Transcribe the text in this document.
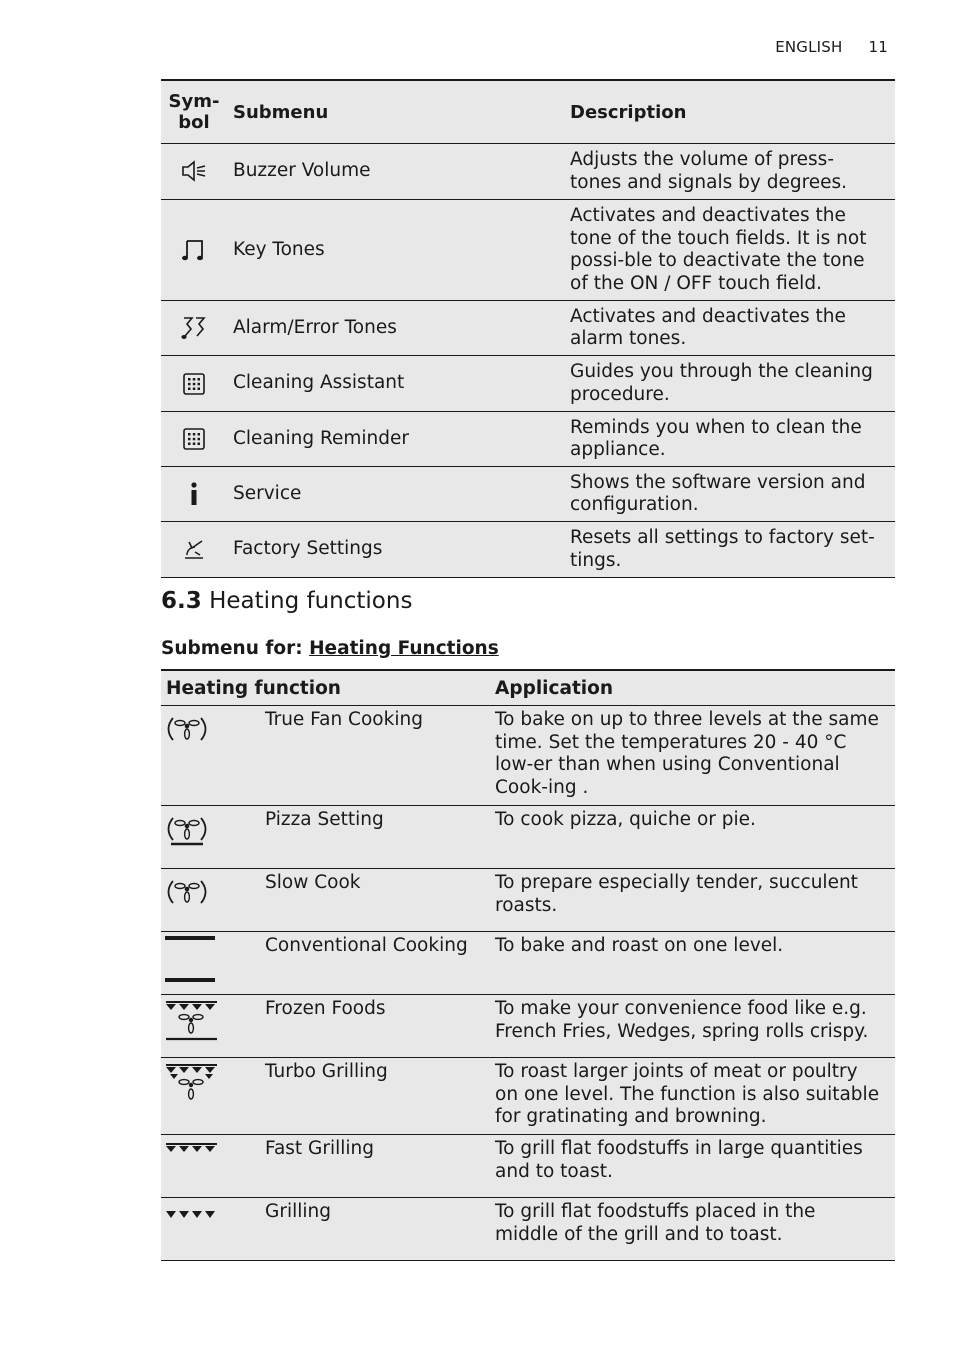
ENGLISH 11
Sym-
bol	Submenu	Description
	Buzzer Volume	Adjusts the volume of press-tones and signals by degrees.
	Key Tones	Activates and deactivates the tone of the touch fields. It is not possi-ble to deactivate the tone of the ON / OFF touch field.
	Alarm/Error Tones	Activates and deactivates the alarm tones.
	Cleaning Assistant	Guides you through the cleaning procedure.
	Cleaning Reminder	Reminds you when to clean the appliance.
	Service	Shows the software version and configuration.
	Factory Settings	Resets all settings to factory set-tings.
6.3 Heating functions
Submenu for: Heating Functions
Heating function		Application
	True Fan Cooking	To bake on up to three levels at the same time. Set the temperatures 20 - 40 °C low-er than when using Conventional Cook-ing .
	Pizza Setting	To cook pizza, quiche or pie.
	Slow Cook	To prepare especially tender, succulent roasts.
	Conventional Cooking	To bake and roast on one level.
	Frozen Foods	To make your convenience food like e.g. French Fries, Wedges, spring rolls crispy.
	Turbo Grilling	To roast larger joints of meat or poultry on one level. The function is also suitable for gratinating and browning.
	Fast Grilling	To grill flat foodstuffs in large quantities and to toast.
	Grilling	To grill flat foodstuffs placed in the middle of the grill and to toast.
